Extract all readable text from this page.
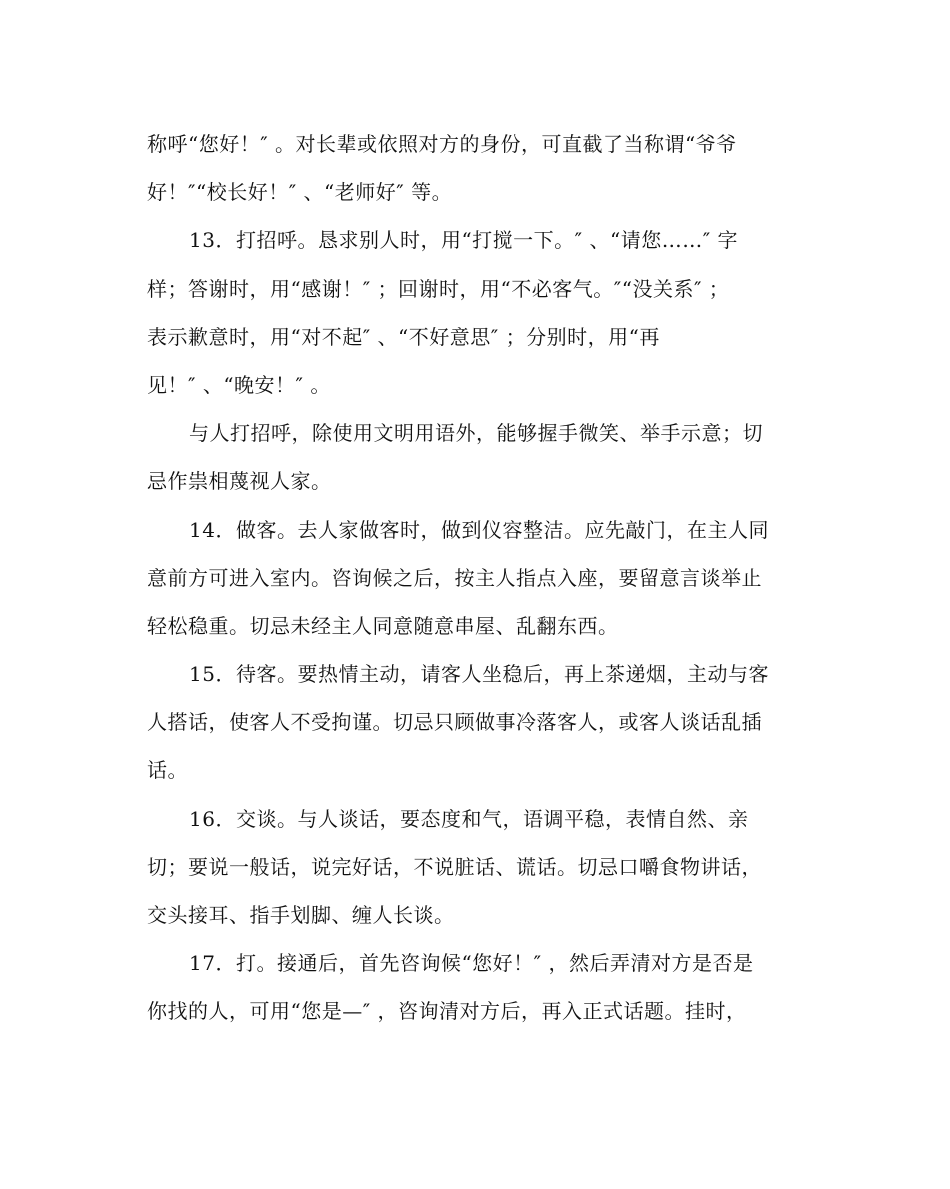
称呼“您好！″ 。对长辈或依照对方的身份，可直截了当称谓“爷爷
好！″“校长好！″ 、“老师好″ 等。
13．打招呼。恳求别人时，用“打搅一下。″ 、“请您……″ 字
样；答谢时，用“感谢！″ ；回谢时，用“不必客气。″“没关系″ ；
表示歉意时，用“对不起″ 、“不好意思″ ；分别时，用“再
见！″ 、“晚安！″ 。
与人打招呼，除使用文明用语外，能够握手微笑、举手示意；切
忌作祟相蔑视人家。
14．做客。去人家做客时，做到仪容整洁。应先敲门，在主人同
意前方可进入室内。咨询候之后，按主人指点入座，要留意言谈举止
轻松稳重。切忌未经主人同意随意串屋、乱翻东西。
15．待客。要热情主动，请客人坐稳后，再上茶递烟，主动与客
人搭话，使客人不受拘谨。切忌只顾做事冷落客人，或客人谈话乱插
话。
16．交谈。与人谈话，要态度和气，语调平稳，表情自然、亲
切；要说一般话，说完好话，不说脏话、谎话。切忌口嚼食物讲话，
交头接耳、指手划脚、缠人长谈。
17．打。接通后，首先咨询候“您好！″ ，然后弄清对方是否是
你找的人，可用“您是—″ ，咨询清对方后，再入正式话题。挂时，
